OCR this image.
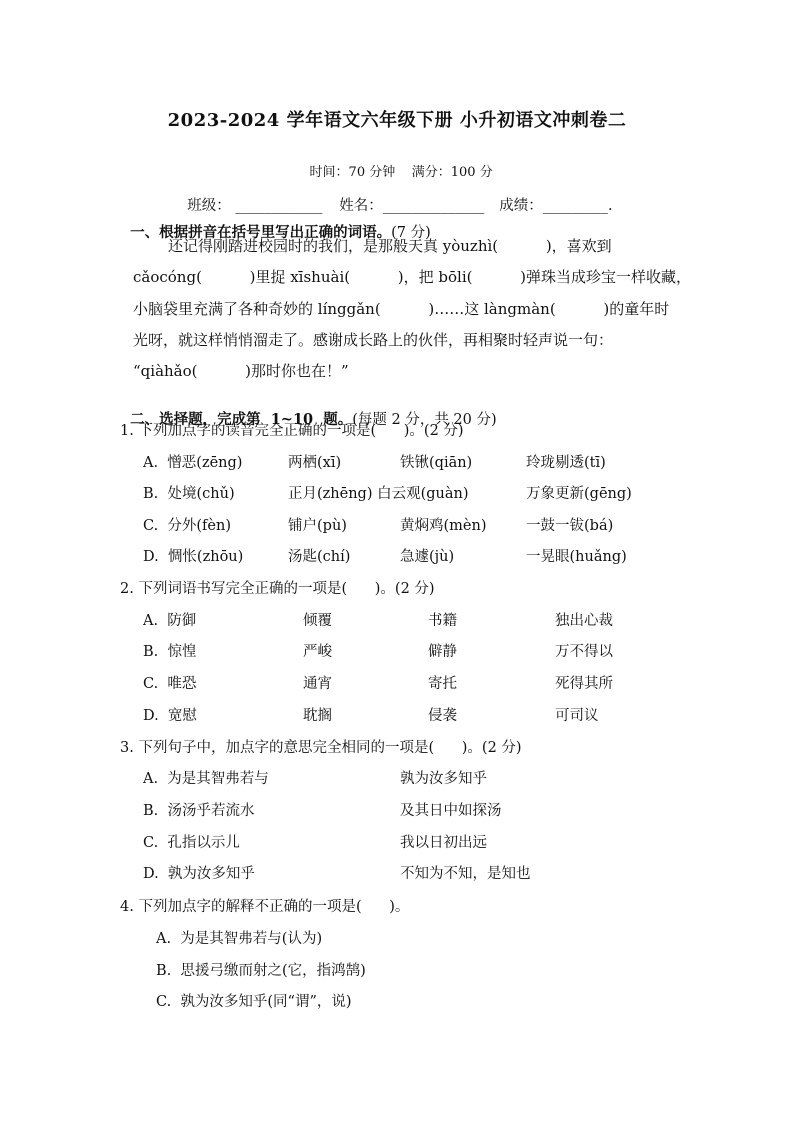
2023-2024 学年语文六年级下册 小升初语文冲刺卷二

时间：70 分钟 满分：100 分

班级： ____________	姓名：______________	成绩：_________.

一、根据拼音在括号里写出正确的词语。(7 分)

还记得刚踏进校园时的我们，是那般天真 yòuzhì(          )，喜欢到
cǎocóng(          )里捉 xīshuài(          )，把 bōli(          )弹珠当成珍宝一样收藏，
小脑袋里充满了各种奇妙的 línggǎn(          )……这 làngmàn(          )的童年时
光呀，就这样悄悄溜走了。感谢成长路上的伙伴，再相聚时轻声说一句：
“qiàhǎo(          )那时你也在！”

二、选择题，完成第  1~10  题。(每题 2 分，共 20 分)

1. 下列加点字的读音完全正确的一项是(      )。(2 分)
A.  憎恶(zēng)	两栖(xī)	铁锹(qiān)	玲珑剔透(tī)
B.  处境(chǔ)	正月(zhēng) 白云观(guàn)	万象更新(gēng)
C.  分外(fèn)	铺户(pù)	黄焖鸡(mèn)	一鼓一钹(bá)
D.  惆怅(zhōu)	汤匙(chí)	急遽(jù)	一晃眼(huǎng)
2. 下列词语书写完全正确的一项是(      )。(2 分)
A.  防御	倾覆	书籍	独出心裁
B.  惊惶	严峻	僻静	万不得以
C.  唯恐	通宵	寄托	死得其所
D.  宽慰	耽搁	侵袭	可司议
3. 下列句子中，加点字的意思完全相同的一项是(      )。(2 分)
A.  为是其智弗若与	孰为汝多知乎
B.  汤汤乎若流水	及其日中如探汤
C.  孔指以示儿	我以日初出远
D.  孰为汝多知乎	不知为不知，是知也
4. 下列加点字的解释不正确的一项是(      )。
A.  为是其智弗若与(认为)
B.  思援弓缴而射之(它，指鸿鹄)
C.  孰为汝多知乎(同“谓”，说)
